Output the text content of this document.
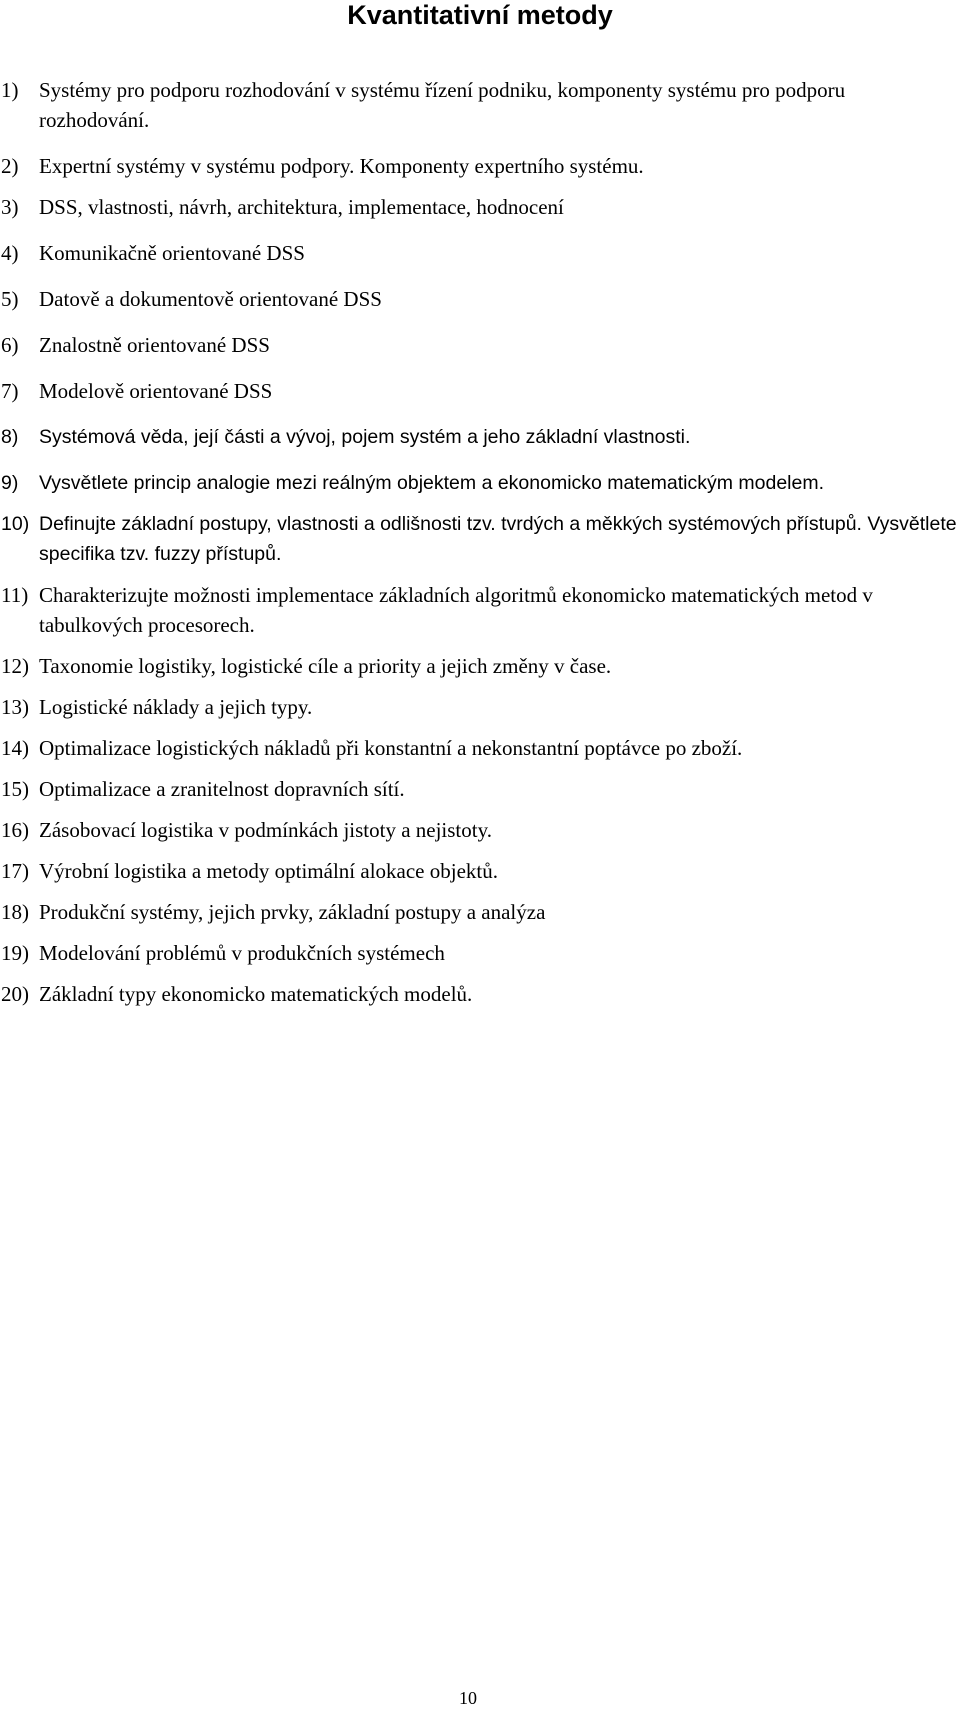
Kvantitativní metody
1) Systémy pro podporu rozhodování v systému řízení podniku, komponenty systému pro podporu rozhodování.
2) Expertní systémy v systému podpory. Komponenty expertního systému.
3) DSS, vlastnosti, návrh, architektura, implementace, hodnocení
4) Komunikačně orientované DSS
5) Datově a dokumentově orientované DSS
6) Znalostně orientované DSS
7) Modelově orientované DSS
8)	Systémová věda, její části a vývoj, pojem systém a jeho základní vlastnosti.
9)	Vysvětlete princip analogie mezi reálným objektem a ekonomicko matematickým modelem.
10) Definujte základní postupy, vlastnosti a odlišnosti tzv. tvrdých a měkkých systémových přístupů. Vysvětlete specifika tzv. fuzzy přístupů.
11) Charakterizujte možnosti implementace základních algoritmů ekonomicko matematických metod v tabulkových procesorech.
12) Taxonomie logistiky, logistické cíle a priority a jejich změny v čase.
13) Logistické náklady a jejich typy.
14) Optimalizace logistických nákladů při konstantní a nekonstantní poptávce po zboží.
15) Optimalizace a zranitelnost dopravních sítí.
16) Zásobovací logistika v podmínkách jistoty a nejistoty.
17) Výrobní logistika a metody optimální alokace objektů.
18) Produkční systémy, jejich prvky, základní postupy a analýza
19) Modelování problémů v produkčních systémech
20) Základní typy ekonomicko matematických modelů.
10
